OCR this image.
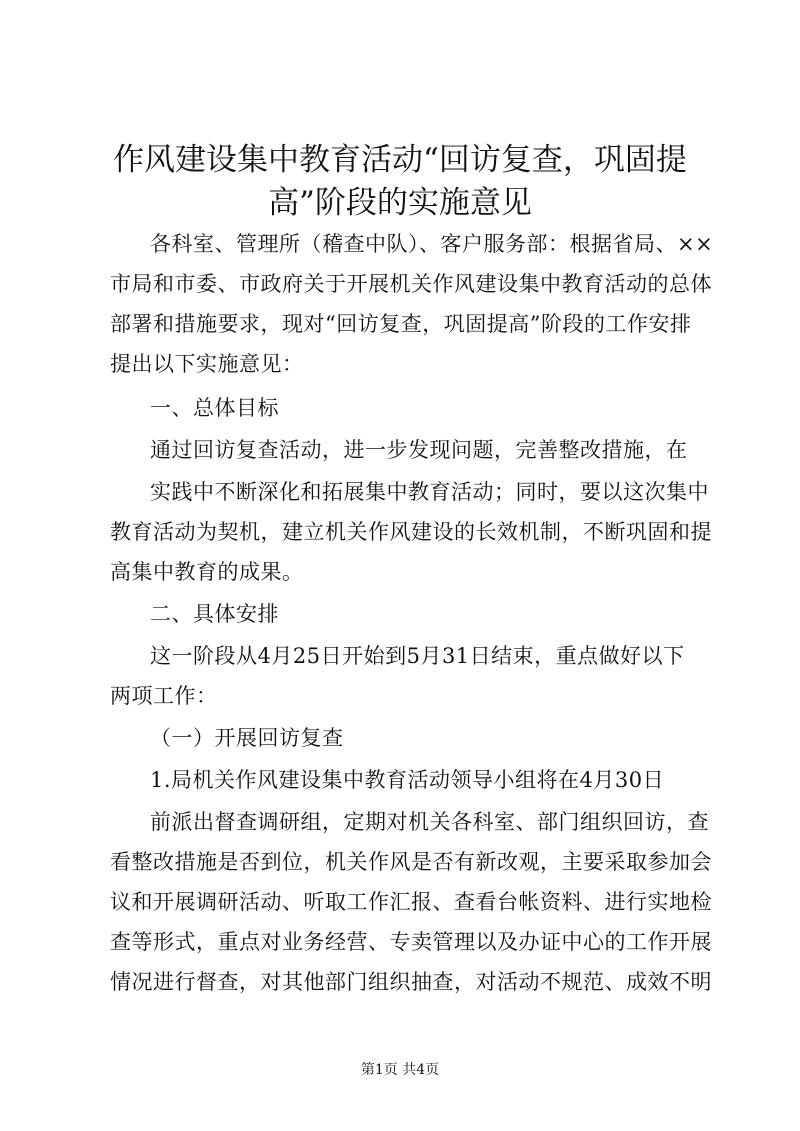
作风建设集中教育活动“回访复查，巩固提
高”阶段的实施意见

各科室、管理所（稽查中队）、客户服务部：根据省局、××

市局和市委、市政府关于开展机关作风建设集中教育活动的总体

部署和措施要求，现对“回访复查，巩固提高”阶段的工作安排

提出以下实施意见：

一、总体目标

通过回访复查活动，进一步发现问题，完善整改措施，在

实践中不断深化和拓展集中教育活动；同时，要以这次集中

教育活动为契机，建立机关作风建设的长效机制，不断巩固和提

高集中教育的成果。

二、具体安排

这一阶段从4月25日开始到5月31日结束，重点做好以下

两项工作：

（一）开展回访复查

1.局机关作风建设集中教育活动领导小组将在4月30日

前派出督查调研组，定期对机关各科室、部门组织回访，查

看整改措施是否到位，机关作风是否有新改观，主要采取参加会

议和开展调研活动、听取工作汇报、查看台帐资料、进行实地检

查等形式，重点对业务经营、专卖管理以及办证中心的工作开展

情况进行督查，对其他部门组织抽查，对活动不规范、成效不明

第1页 共4页
